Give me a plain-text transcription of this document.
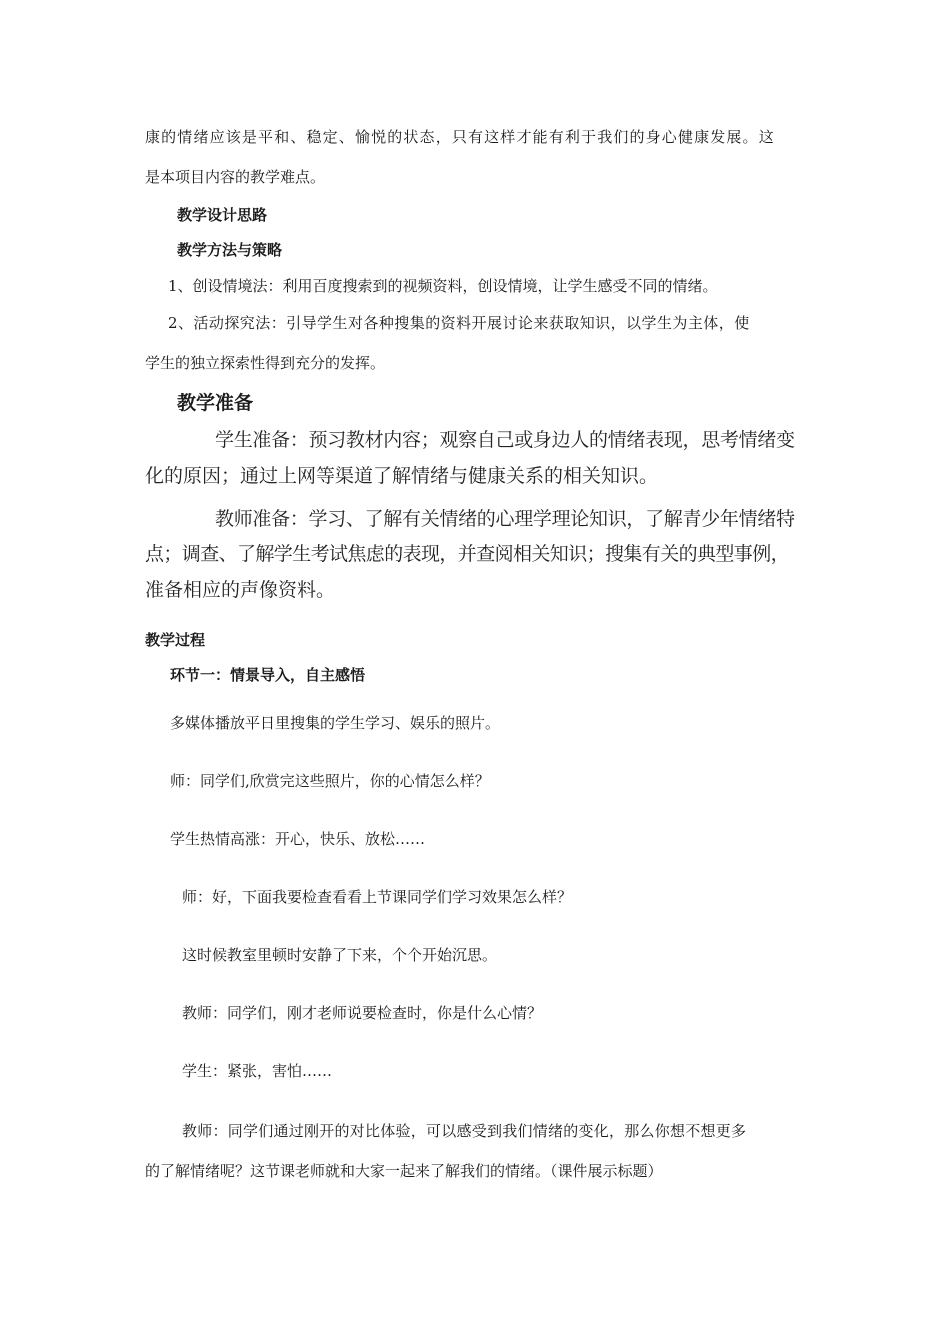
康的情绪应该是平和、稳定、愉悦的状态，只有这样才能有利于我们的身心健康发展。这
是本项目内容的教学难点。
教学设计思路
教学方法与策略
1、创设情境法：利用百度搜索到的视频资料，创设情境，让学生感受不同的情绪。
2、活动探究法：引导学生对各种搜集的资料开展讨论来获取知识，以学生为主体，使
学生的独立探索性得到充分的发挥。
教学准备
学生准备：预习教材内容；观察自己或身边人的情绪表现，思考情绪变
化的原因；通过上网等渠道了解情绪与健康关系的相关知识。
教师准备：学习、了解有关情绪的心理学理论知识，了解青少年情绪特
点；调查、了解学生考试焦虑的表现，并查阅相关知识；搜集有关的典型事例，
准备相应的声像资料。
教学过程
环节一：情景导入，自主感悟
多媒体播放平日里搜集的学生学习、娱乐的照片。
师：同学们,欣赏完这些照片，你的心情怎么样？
学生热情高涨：开心，快乐、放松……
师：好，下面我要检查看看上节课同学们学习效果怎么样？
这时候教室里顿时安静了下来，个个开始沉思。
教师：同学们，刚才老师说要检查时，你是什么心情？
学生：紧张，害怕……
教师：同学们通过刚开的对比体验，可以感受到我们情绪的变化，那么你想不想更多
的了解情绪呢？这节课老师就和大家一起来了解我们的情绪。（课件展示标题）
